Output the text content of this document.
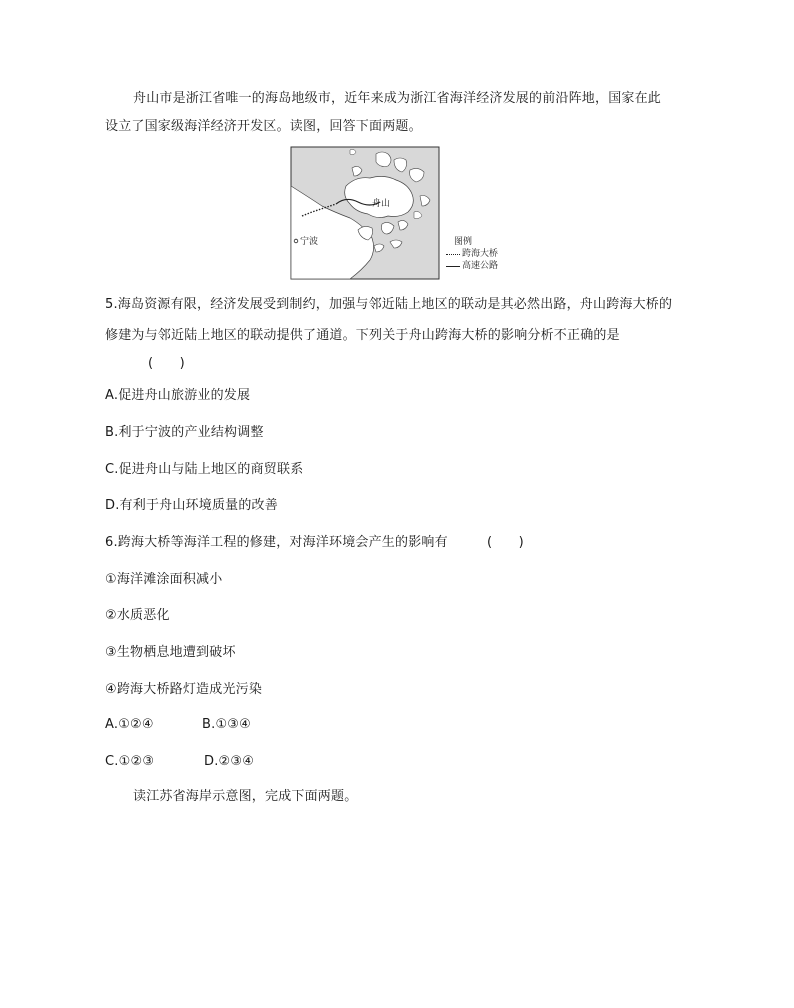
舟山市是浙江省唯一的海岛地级市，近年来成为浙江省海洋经济发展的前沿阵地，国家在此
设立了国家级海洋经济开发区。读图，回答下面两题。
舟山
宁波	图例
跨海大桥
高速公路
5.海岛资源有限，经济发展受到制约，加强与邻近陆上地区的联动是其必然出路，舟山跨海大桥的
修建为与邻近陆上地区的联动提供了通道。下列关于舟山跨海大桥的影响分析不正确的是
(　　)
A.促进舟山旅游业的发展
B.利于宁波的产业结构调整
C.促进舟山与陆上地区的商贸联系
D.有利于舟山环境质量的改善
6.跨海大桥等海洋工程的修建，对海洋环境会产生的影响有	(　　)
①海洋滩涂面积减小
②水质恶化
③生物栖息地遭到破坏
④跨海大桥路灯造成光污染
A.①②④	B.①③④
C.①②③	D.②③④
读江苏省海岸示意图，完成下面两题。
